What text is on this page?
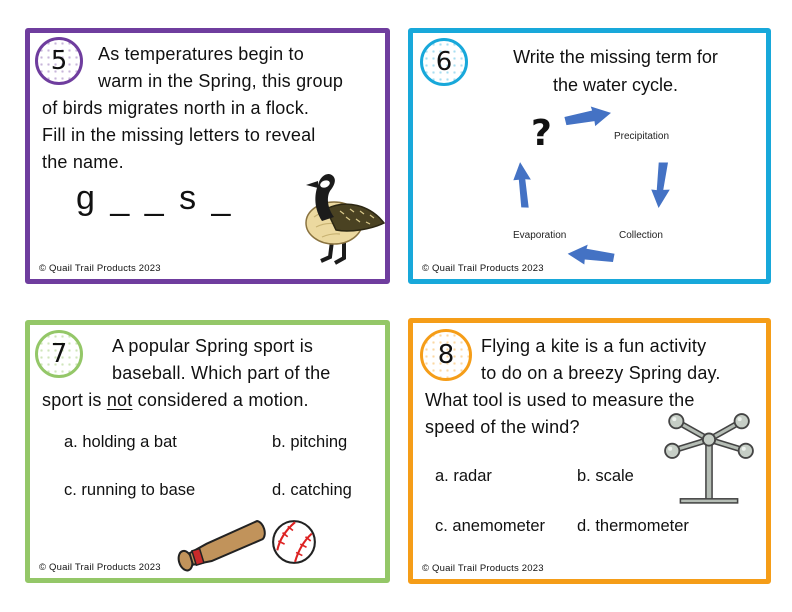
5	As temperatures begin to
warm in the Spring, this group
of birds migrates north in a flock.
Fill in the missing letters to reveal
the name.
g _ _ s _
© Quail Trail Products 2023
6	Write the missing term for
the water cycle.
?	Precipitation
Collection
Evaporation
© Quail Trail Products 2023
7	A popular Spring sport is
baseball. Which part of the
sport is not considered a motion.
a. holding a bat	b. pitching
c. running to base	d. catching
© Quail Trail Products 2023
8	Flying a kite is a fun activity
to do on a breezy Spring day.
What tool is used to measure the
speed of the wind?
a. radar	b. scale
c. anemometer	d. thermometer
© Quail Trail Products 2023
